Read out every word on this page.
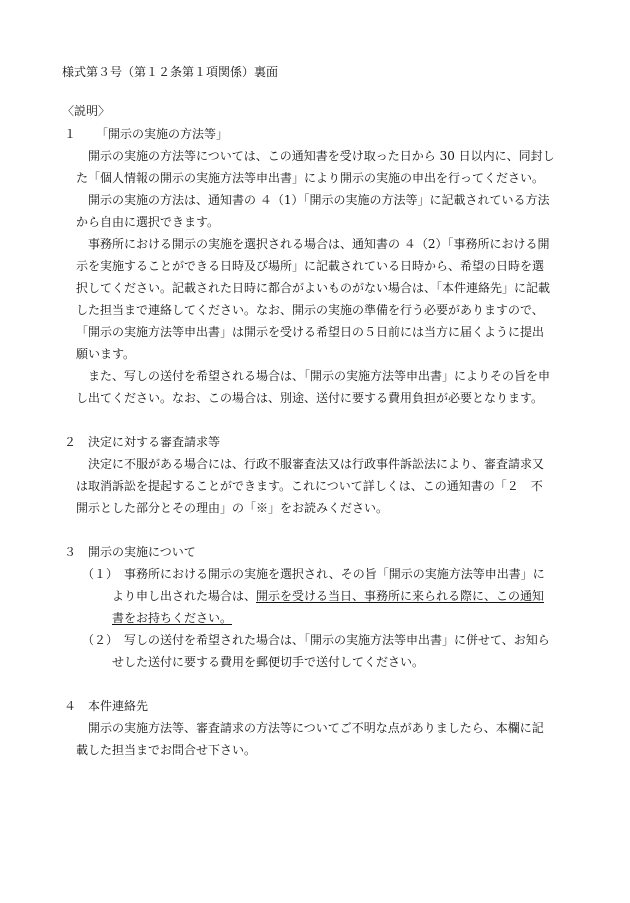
様式第３号（第１２条第１項関係）裏面
〈説明〉
１ 「開示の実施の方法等」
開示の実施の方法等については、この通知書を受け取った日から 30 日以内に、同封し
た「個人情報の開示の実施方法等申出書」により開示の実施の申出を行ってください。
開示の実施の方法は、通知書の ４（1）「開示の実施の方法等」に記載されている方法
から自由に選択できます。
事務所における開示の実施を選択される場合は、通知書の ４（2）「事務所における開
示を実施することができる日時及び場所」に記載されている日時から、希望の日時を選
択してください。記載された日時に都合がよいものがない場合は、「本件連絡先」に記載
した担当まで連絡してください。なお、開示の実施の準備を行う必要がありますので、
「開示の実施方法等申出書」は開示を受ける希望日の５日前には当方に届くように提出
願います。
また、写しの送付を希望される場合は、「開示の実施方法等申出書」によりその旨を申
し出てください。なお、この場合は、別途、送付に要する費用負担が必要となります。
２ 決定に対する審査請求等
決定に不服がある場合には、行政不服審査法又は行政事件訴訟法により、審査請求又
は取消訴訟を提起することができます。これについて詳しくは、この通知書の「２　不
開示とした部分とその理由」の「※」をお読みください。
３ 開示の実施について
（１） 事務所における開示の実施を選択され、その旨「開示の実施方法等申出書」に
より申し出された場合は、開示を受ける当日、事務所に来られる際に、この通知
書をお持ちください。
（２） 写しの送付を希望された場合は、「開示の実施方法等申出書」に併せて、お知ら
せした送付に要する費用を郵便切手で送付してください。
４ 本件連絡先
開示の実施方法等、審査請求の方法等についてご不明な点がありましたら、本欄に記
載した担当までお問合せ下さい。
